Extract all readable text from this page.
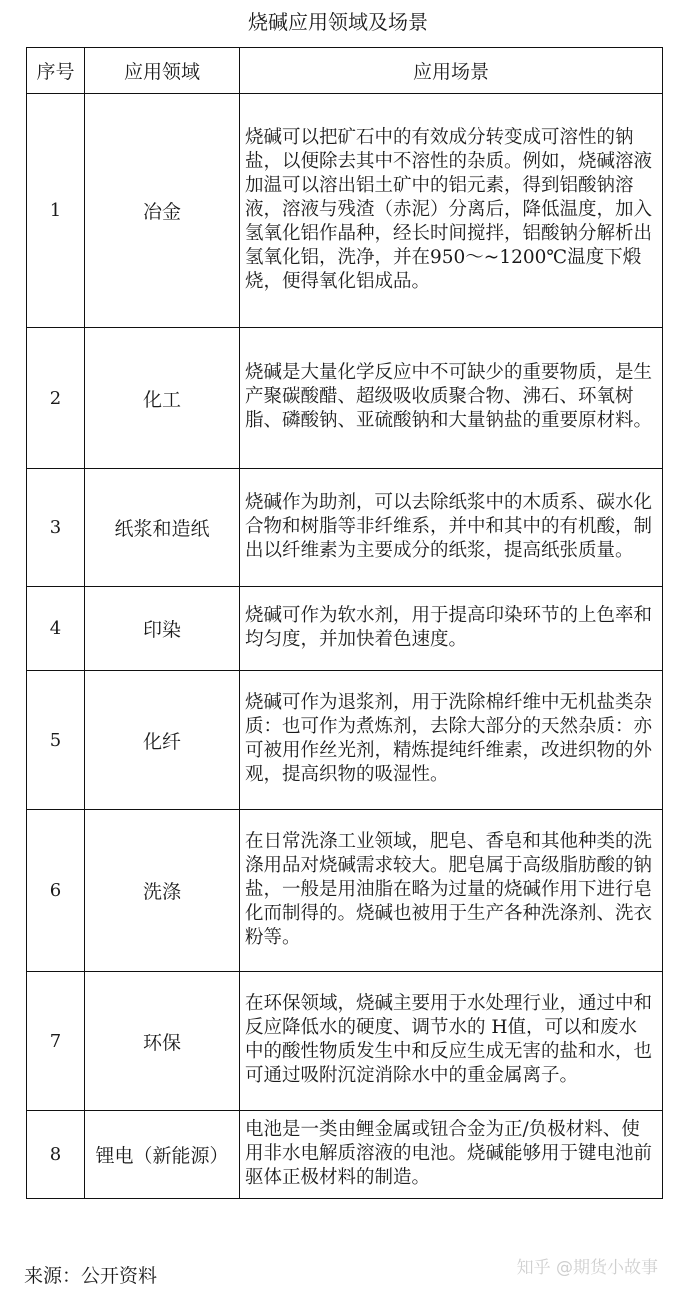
烧碱应用领域及场景
序号	应用领域	应用场景
1	冶金	烧碱可以把矿石中的有效成分转变成可溶性的钠盐，以便除去其中不溶性的杂质。例如，烧碱溶液加温可以溶出铝土矿中的铝元素，得到铝酸钠溶液，溶液与残渣（赤泥）分离后，降低温度，加入氢氧化铝作晶种，经长时间搅拌，铝酸钠分解析出氢氧化铝，洗净，并在950～~1200℃温度下煅烧，便得氧化铝成品。
2	化工	烧碱是大量化学反应中不可缺少的重要物质，是生产聚碳酸醋、超级吸收质聚合物、沸石、环氧树脂、磷酸钠、亚硫酸钠和大量钠盐的重要原材料。
3	纸浆和造纸	烧碱作为助剂，可以去除纸浆中的木质系、碳水化合物和树脂等非纤维系，并中和其中的有机酸，制出以纤维素为主要成分的纸浆，提高纸张质量。
4	印染	烧碱可作为软水剂，用于提高印染环节的上色率和均匀度，并加快着色速度。
5	化纤	烧碱可作为退浆剂，用于洗除棉纤维中无机盐类杂质：也可作为煮炼剂，去除大部分的天然杂质：亦可被用作丝光剂，精炼提纯纤维素，改进织物的外观，提高织物的吸湿性。
6	洗涤	在日常洗涤工业领域，肥皂、香皂和其他种类的洗涤用品对烧碱需求较大。肥皂属于高级脂肪酸的钠盐，一般是用油脂在略为过量的烧碱作用下进行皂化而制得的。烧碱也被用于生产各种洗涤剂、洗衣粉等。
7	环保	在环保领域，烧碱主要用于水处理行业，通过中和反应降低水的硬度、调节水的 H值，可以和废水中的酸性物质发生中和反应生成无害的盐和水，也可通过吸附沉淀消除水中的重金属离子。
8	锂电（新能源）	电池是一类由鲤金属或钮合金为正/负极材料、使用非水电解质溶液的电池。烧碱能够用于键电池前驱体正极材料的制造。
来源：公开资料	知乎 @期货小故事
